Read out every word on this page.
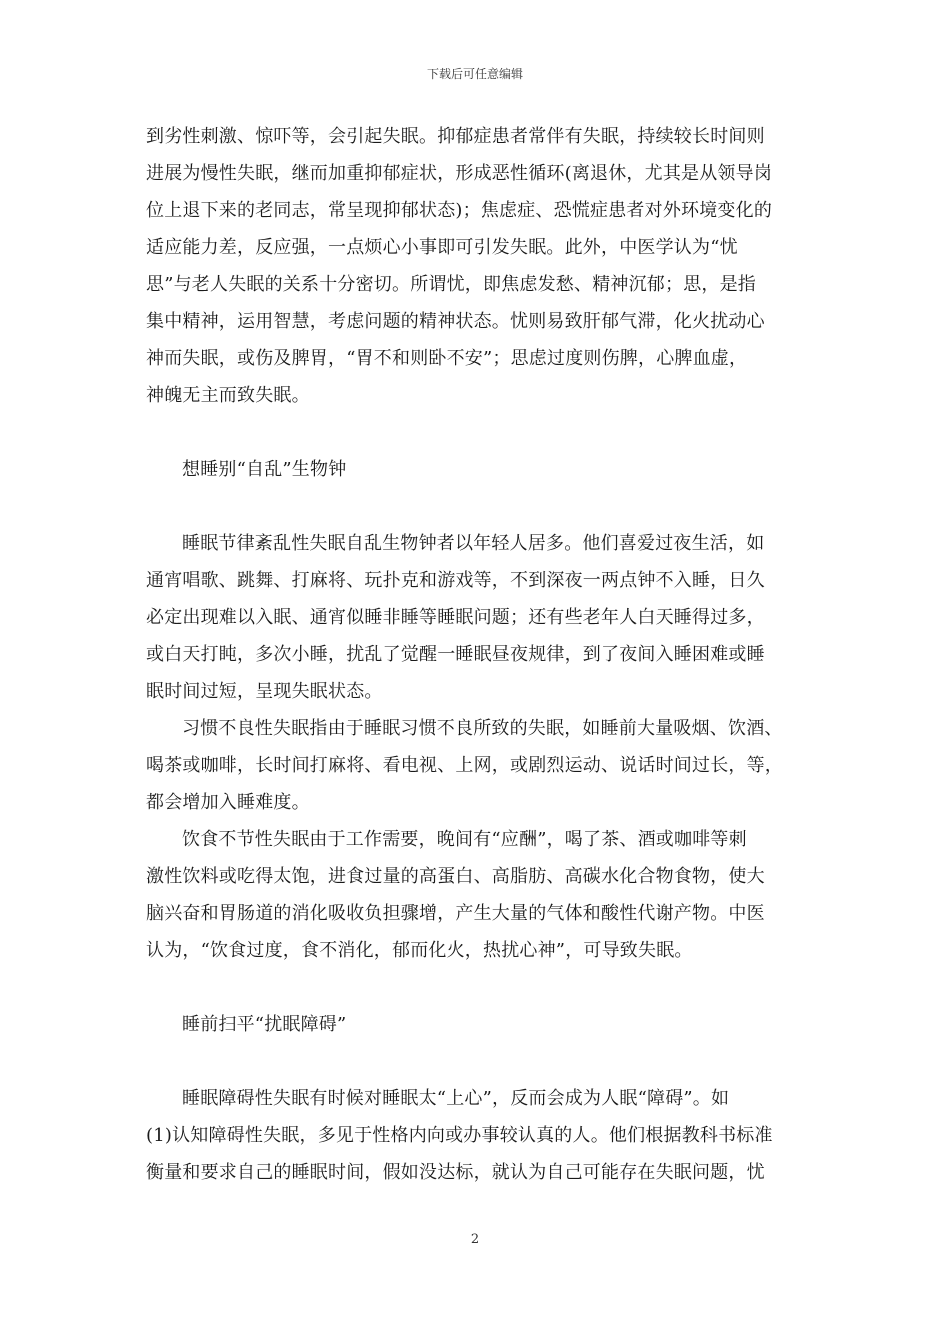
下载后可任意编辑
到劣性刺激、惊吓等，会引起失眠。抑郁症患者常伴有失眠，持续较长时间则
进展为慢性失眠，继而加重抑郁症状，形成恶性循环(离退休，尤其是从领导岗
位上退下来的老同志，常呈现抑郁状态)；焦虑症、恐慌症患者对外环境变化的
适应能力差，反应强，一点烦心小事即可引发失眠。此外，中医学认为“忧
思”与老人失眠的关系十分密切。所谓忧，即焦虑发愁、精神沉郁；思，是指
集中精神，运用智慧，考虑问题的精神状态。忧则易致肝郁气滞，化火扰动心
神而失眠，或伤及脾胃，“胃不和则卧不安”；思虑过度则伤脾，心脾血虚，
神魄无主而致失眠。
想睡别“自乱”生物钟
睡眠节律紊乱性失眠自乱生物钟者以年轻人居多。他们喜爱过夜生活，如
通宵唱歌、跳舞、打麻将、玩扑克和游戏等，不到深夜一两点钟不入睡，日久
必定出现难以入眠、通宵似睡非睡等睡眠问题；还有些老年人白天睡得过多，
或白天打盹，多次小睡，扰乱了觉醒一睡眠昼夜规律，到了夜间入睡困难或睡
眠时间过短，呈现失眠状态。
习惯不良性失眠指由于睡眠习惯不良所致的失眠，如睡前大量吸烟、饮酒、
喝茶或咖啡，长时间打麻将、看电视、上网，或剧烈运动、说话时间过长，等，
都会增加入睡难度。
饮食不节性失眠由于工作需要，晚间有“应酬”，喝了茶、酒或咖啡等刺
激性饮料或吃得太饱，进食过量的高蛋白、高脂肪、高碳水化合物食物，使大
脑兴奋和胃肠道的消化吸收负担骤增，产生大量的气体和酸性代谢产物。中医
认为，“饮食过度，食不消化，郁而化火，热扰心神”，可导致失眠。
睡前扫平“扰眠障碍”
睡眠障碍性失眠有时候对睡眠太“上心”，反而会成为人眠“障碍”。如
(1)认知障碍性失眠，多见于性格内向或办事较认真的人。他们根据教科书标准
衡量和要求自己的睡眠时间，假如没达标，就认为自己可能存在失眠问题，忧
2
